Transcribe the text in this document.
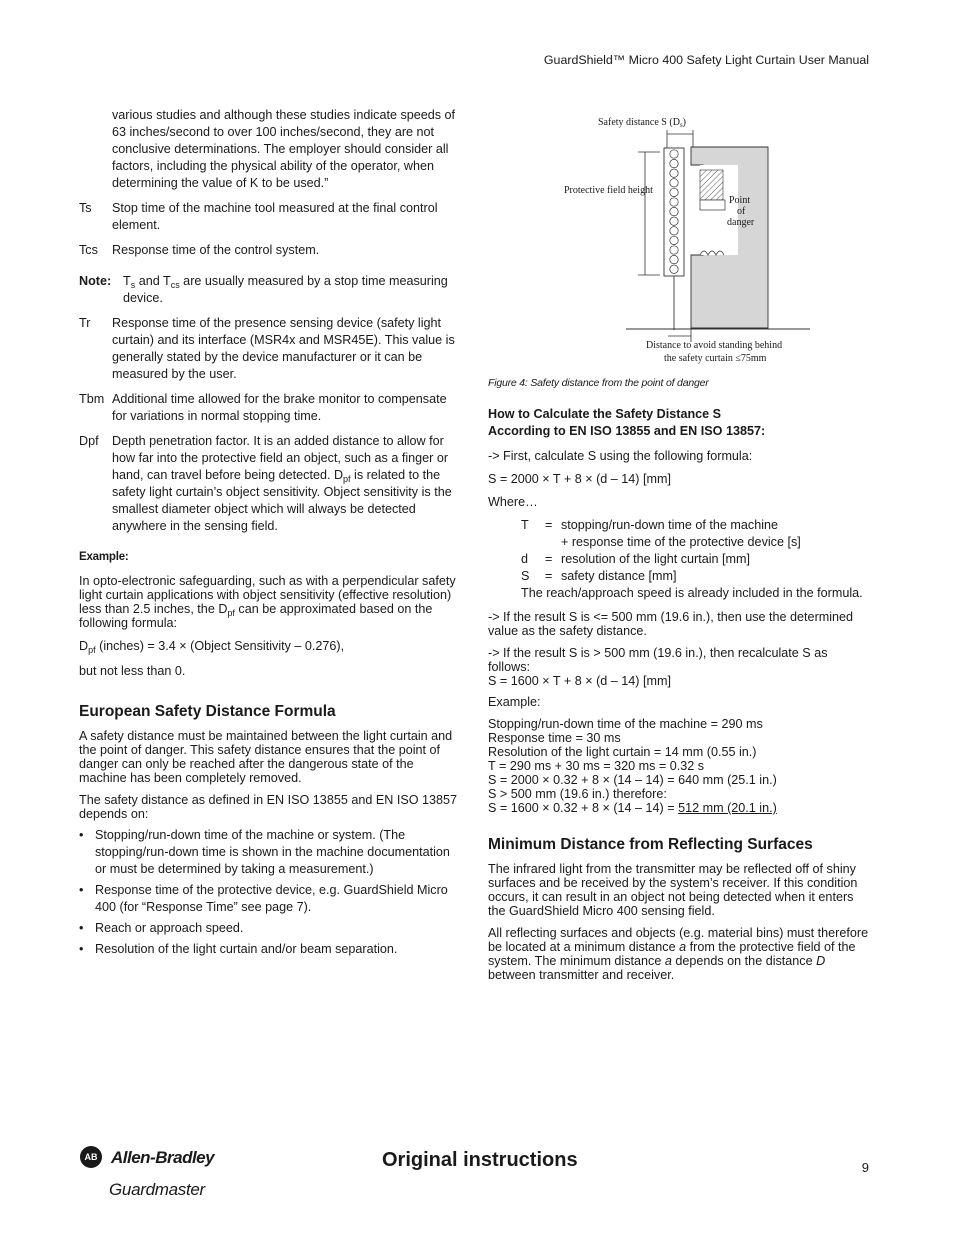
GuardShield™ Micro 400 Safety Light Curtain User Manual
various studies and although these studies indicate speeds of 63 inches/second to over 100 inches/second, they are not conclusive determinations. The employer should consider all factors, including the physical ability of the operator, when determining the value of K to be used.”
Ts	Stop time of the machine tool measured at the final control element.
Tcs	Response time of the control system.
Note: $T_s$ and $T_{cs}$ are usually measured by a stop time measuring device.
Tr	Response time of the presence sensing device (safety light curtain) and its interface (MSR4x and MSR45E). This value is generally stated by the device manufacturer or it can be measured by the user.
Tbm Additional time allowed for the brake monitor to compensate for variations in normal stopping time.
Dpf	Depth penetration factor. It is an added distance to allow for how far into the protective field an object, such as a finger or hand, can travel before being detected. $D_{pf}$ is related to the safety light curtain’s object sensitivity. Object sensitivity is the smallest diameter object which will always be detected anywhere in the sensing field.
Example:

In opto-electronic safeguarding, such as with a perpendicular safety light curtain applications with object sensitivity (effective resolution) less than 2.5 inches, the $D_{pf}$ can be approximated based on the following formula:

$D_{pf}$ (inches) = 3.4 × (Object Sensitivity – 0.276),

but not less than 0.

European Safety Distance Formula

A safety distance must be maintained between the light curtain and the point of danger. This safety distance ensures that the point of danger can only be reached after the dangerous state of the machine has been completely removed.

The safety distance as defined in EN ISO 13855 and EN ISO 13857 depends on:

• Stopping/run-down time of the machine or system. (The stopping/run-down time is shown in the machine documentation or must be determined by taking a measurement.)
• Response time of the protective device, e.g. GuardShield Micro 400 (for “Response Time” see page 7).
• Reach or approach speed.
• Resolution of the light curtain and/or beam separation.
Safety distance S $(D_s)$
Protective field height
Point
of
danger
Distance to avoid standing behind
the safety curtain ≤75mm
Figure 4: Safety distance from the point of danger
How to Calculate the Safety Distance S
According to EN ISO 13855 and EN ISO 13857:

-> First, calculate S using the following formula:

S = 2000 × T + 8 × (d – 14) [mm]

Where…

T	= stopping/run-down time of the machine
+ response time of the protective device [s]
d	= resolution of the light curtain [mm]
S	= safety distance [mm]
The reach/approach speed is already included in the formula.

-> If the result S is <= 500 mm (19.6 in.), then use the determined value as the safety distance.

-> If the result S is > 500 mm (19.6 in.), then recalculate S as follows:
S = 1600 × T + 8 × (d – 14) [mm]

Example:

Stopping/run-down time of the machine = 290 ms
Response time = 30 ms
Resolution of the light curtain = 14 mm (0.55 in.)
T = 290 ms + 30 ms = 320 ms = 0.32 s
S = 2000 × 0.32 + 8 × (14 – 14) = 640 mm (25.1 in.)
S > 500 mm (19.6 in.) therefore:
S = 1600 × 0.32 + 8 × (14 – 14) = 512 mm (20.1 in.)
Minimum Distance from Reflecting Surfaces

The infrared light from the transmitter may be reflected off of shiny surfaces and be received by the system’s receiver. If this condition occurs, it can result in an object not being detected when it enters the GuardShield Micro 400 sensing field.

All reflecting surfaces and objects (e.g. material bins) must therefore be located at a minimum distance a from the protective field of the system. The minimum distance a depends on the distance D between transmitter and receiver.

AB Allen-Bradley
Guardmaster
Original instructions	9
